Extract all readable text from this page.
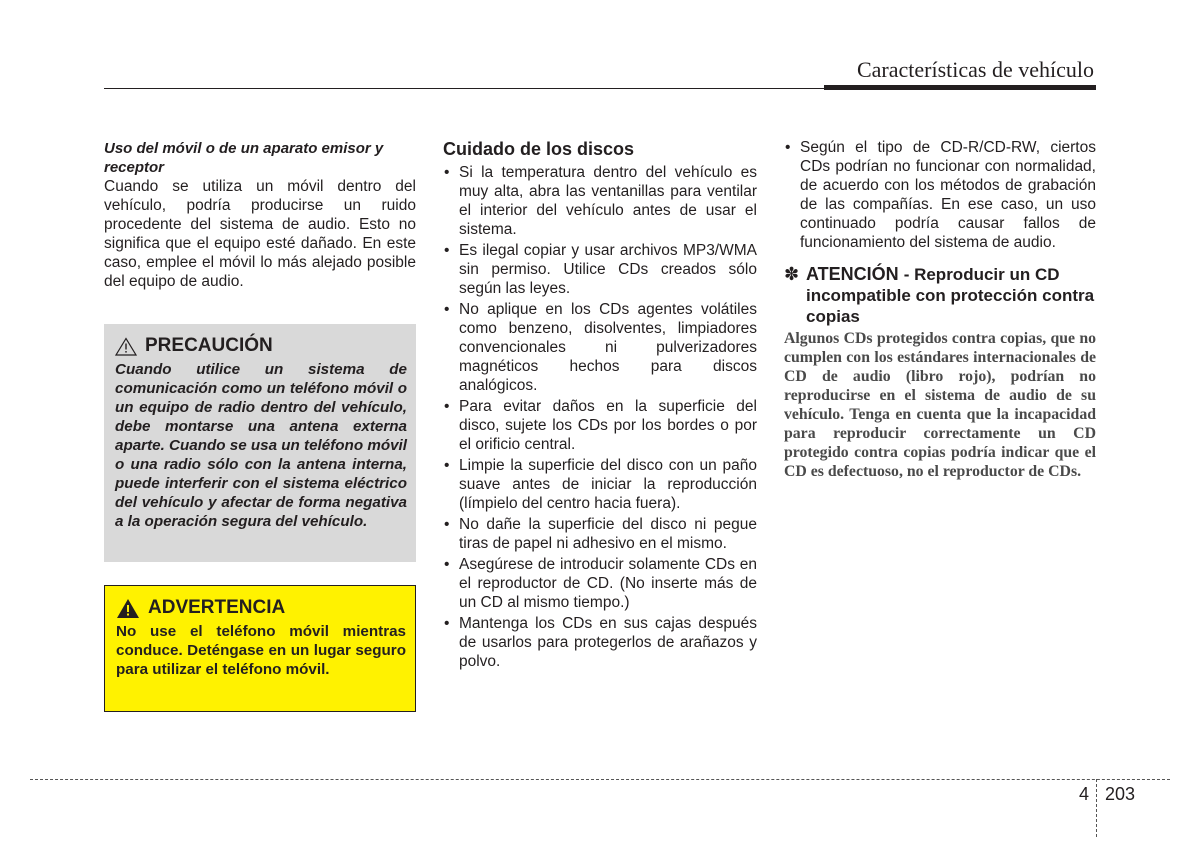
Características de vehículo
Uso del móvil o de un aparato emisor y receptor
Cuando se utiliza un móvil dentro del vehículo, podría producirse un ruido procedente del sistema de audio. Esto no significa que el equipo esté dañado. En este caso, emplee el móvil lo más alejado posible del equipo de audio.
PRECAUCIÓN
Cuando utilice un sistema de comunicación como un teléfono móvil o un equipo de radio dentro del vehículo, debe montarse una antena externa aparte. Cuando se usa un teléfono móvil o una radio sólo con la antena interna, puede interferir con el sistema eléctrico del vehículo y afectar de forma negativa a la operación segura del vehículo.
ADVERTENCIA
No use el teléfono móvil mientras conduce. Deténgase en un lugar seguro para utilizar el teléfono móvil.
Cuidado de los discos
• Si la temperatura dentro del vehículo es muy alta, abra las ventanillas para ventilar el interior del vehículo antes de usar el sistema.
• Es ilegal copiar y usar archivos MP3/WMA sin permiso. Utilice CDs creados sólo según las leyes.
• No aplique en los CDs agentes volátiles como benzeno, disolventes, limpiadores convencionales ni pulverizadores magnéticos hechos para discos analógicos.
• Para evitar daños en la superficie del disco, sujete los CDs por los bordes o por el orificio central.
• Limpie la superficie del disco con un paño suave antes de iniciar la reproducción (límpielo del centro hacia fuera).
• No dañe la superficie del disco ni pegue tiras de papel ni adhesivo en el mismo.
• Asegúrese de introducir solamente CDs en el reproductor de CD. (No inserte más de un CD al mismo tiempo.)
• Mantenga los CDs en sus cajas después de usarlos para protegerlos de arañazos y polvo.
• Según el tipo de CD-R/CD-RW, ciertos CDs podrían no funcionar con normalidad, de acuerdo con los métodos de grabación de las compañías. En ese caso, un uso continuado podría causar fallos de funcionamiento del sistema de audio.
✽ ATENCIÓN - Reproducir un CD incompatible con protección contra copias
Algunos CDs protegidos contra copias, que no cumplen con los estándares internacionales de CD de audio (libro rojo), podrían no reproducirse en el sistema de audio de su vehículo. Tenga en cuenta que la incapacidad para reproducir correctamente un CD protegido contra copias podría indicar que el CD es defectuoso, no el reproductor de CDs.
4 203
